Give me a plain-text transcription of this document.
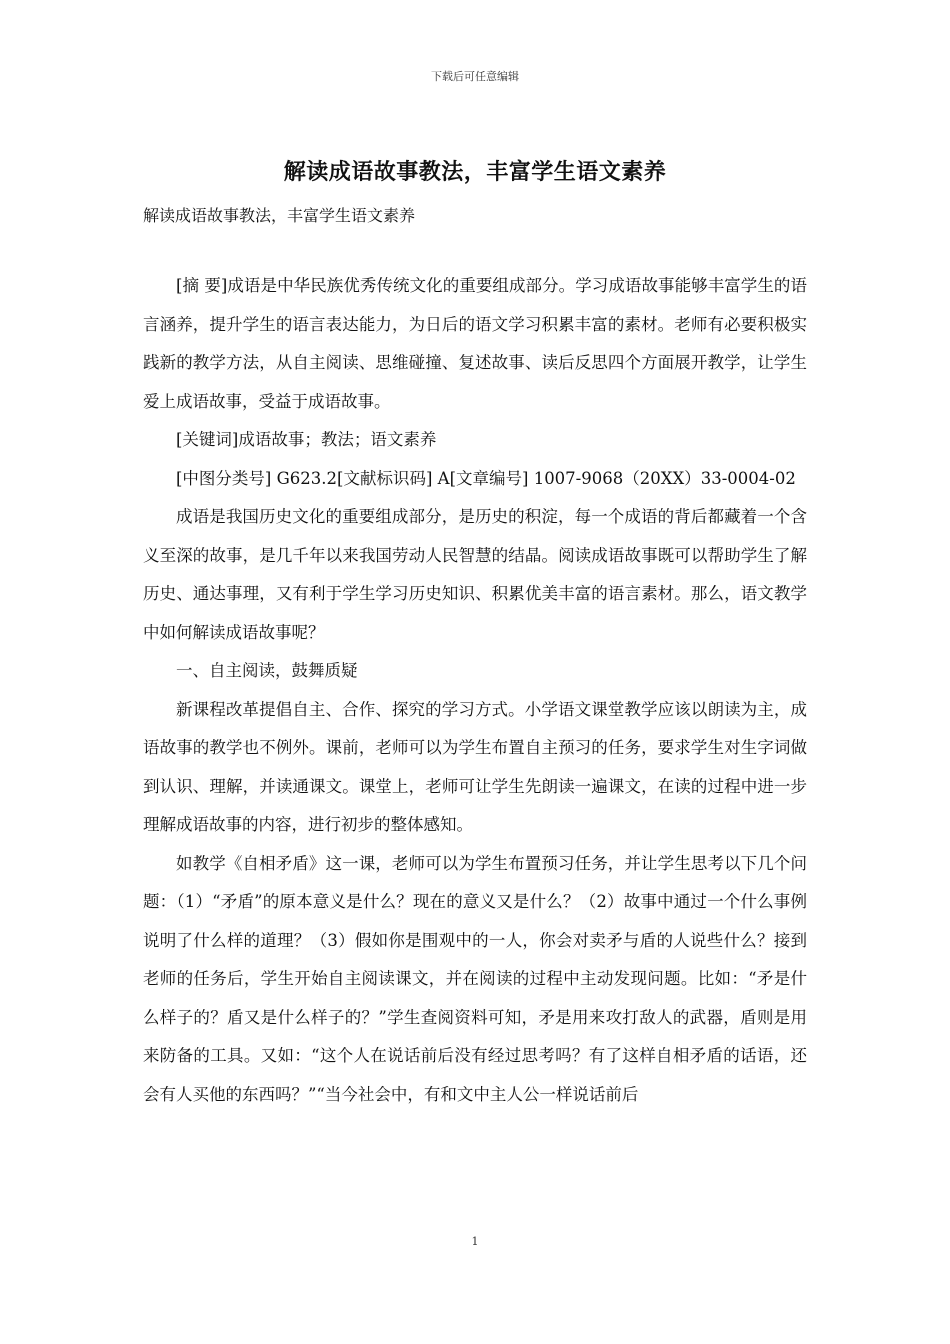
下载后可任意编辑
解读成语故事教法，丰富学生语文素养
解读成语故事教法，丰富学生语文素养

[摘 要]成语是中华民族优秀传统文化的重要组成部分。学习成语故事能够丰富学生的语言涵养，提升学生的语言表达能力，为日后的语文学习积累丰富的素材。老师有必要积极实践新的教学方法，从自主阅读、思维碰撞、复述故事、读后反思四个方面展开教学，让学生爱上成语故事，受益于成语故事。

[关键词]成语故事；教法；语文素养

[中图分类号] G623.2[文献标识码] A[文章编号] 1007-9068（20XX）33-0004-02

成语是我国历史文化的重要组成部分，是历史的积淀，每一个成语的背后都藏着一个含义至深的故事，是几千年以来我国劳动人民智慧的结晶。阅读成语故事既可以帮助学生了解历史、通达事理，又有利于学生学习历史知识、积累优美丰富的语言素材。那么，语文教学中如何解读成语故事呢？

一、自主阅读，鼓舞质疑

新课程改革提倡自主、合作、探究的学习方式。小学语文课堂教学应该以朗读为主，成语故事的教学也不例外。课前，老师可以为学生布置自主预习的任务，要求学生对生字词做到认识、理解，并读通课文。课堂上，老师可让学生先朗读一遍课文，在读的过程中进一步理解成语故事的内容，进行初步的整体感知。

如教学《自相矛盾》这一课，老师可以为学生布置预习任务，并让学生思考以下几个问题：（1）“矛盾”的原本意义是什么？现在的意义又是什么？（2）故事中通过一个什么事例说明了什么样的道理？（3）假如你是围观中的一人，你会对卖矛与盾的人说些什么？接到老师的任务后，学生开始自主阅读课文，并在阅读的过程中主动发现问题。比如：“矛是什么样子的？盾又是什么样子的？”学生查阅资料可知，矛是用来攻打敌人的武器，盾则是用来防备的工具。又如：“这个人在说话前后没有经过思考吗？有了这样自相矛盾的话语，还会有人买他的东西吗？”“当今社会中，有和文中主人公一样说话前后

1
